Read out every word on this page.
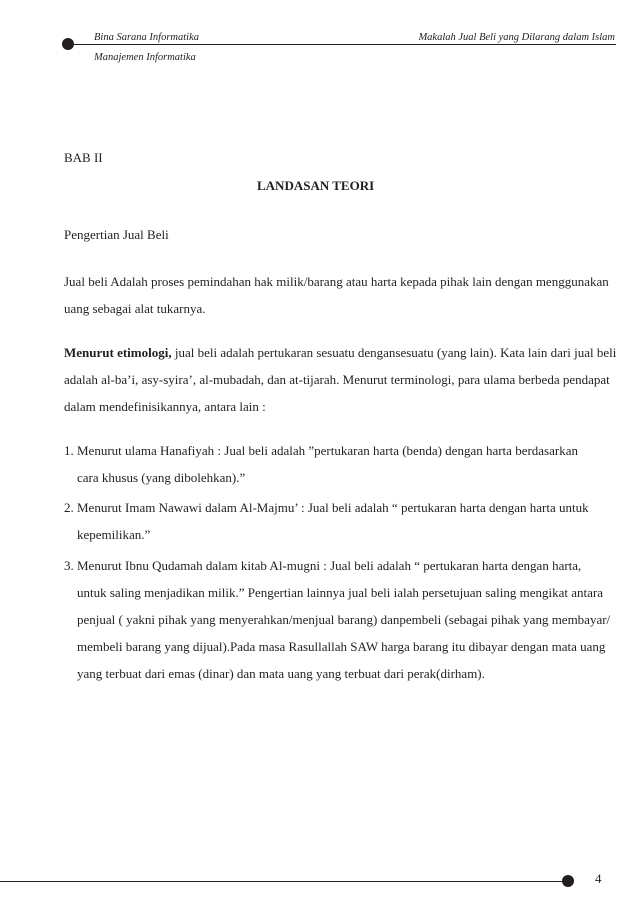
Bina Sarana Informatika
Manajemen Informatika
Makalah Jual Beli yang Dilarang dalam Islam
BAB II
LANDASAN TEORI
Pengertian Jual Beli
Jual beli Adalah proses pemindahan hak milik/barang atau harta kepada pihak lain dengan menggunakan
uang sebagai alat tukarnya.
Menurut etimologi, jual beli adalah pertukaran sesuatu dengansesuatu (yang lain). Kata lain dari jual beli
adalah al-ba’i, asy-syira’, al-mubadah, dan at-tijarah. Menurut terminologi, para ulama berbeda pendapat
dalam mendefinisikannya, antara lain :
1. Menurut ulama Hanafiyah : Jual beli adalah ”pertukaran harta (benda) dengan harta berdasarkan
cara khusus (yang dibolehkan).”
2. Menurut Imam Nawawi dalam Al-Majmu’ : Jual beli adalah “ pertukaran harta dengan harta untuk
kepemilikan.”
3. Menurut Ibnu Qudamah dalam kitab Al-mugni : Jual beli adalah “ pertukaran harta dengan harta,
untuk saling menjadikan milik.” Pengertian lainnya jual beli ialah persetujuan saling mengikat antara
penjual ( yakni pihak yang menyerahkan/menjual barang) danpembeli (sebagai pihak yang membayar/
membeli barang yang dijual).Pada masa Rasullallah SAW harga barang itu dibayar dengan mata uang
yang terbuat dari emas (dinar) dan mata uang yang terbuat dari perak(dirham).
4
